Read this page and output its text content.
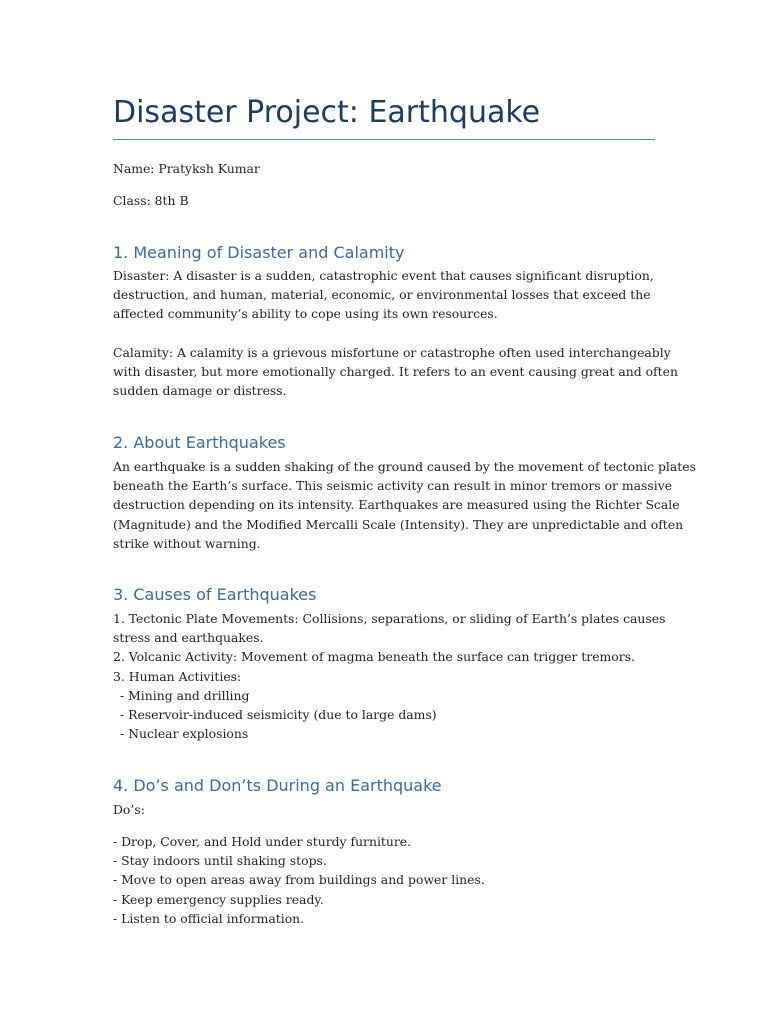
Disaster Project: Earthquake

Name: Pratyksh Kumar

Class: 8th B

1. Meaning of Disaster and Calamity
Disaster: A disaster is a sudden, catastrophic event that causes significant disruption,
destruction, and human, material, economic, or environmental losses that exceed the
affected community’s ability to cope using its own resources.
Calamity: A calamity is a grievous misfortune or catastrophe often used interchangeably
with disaster, but more emotionally charged. It refers to an event causing great and often
sudden damage or distress.
2. About Earthquakes
An earthquake is a sudden shaking of the ground caused by the movement of tectonic plates
beneath the Earth’s surface. This seismic activity can result in minor tremors or massive
destruction depending on its intensity. Earthquakes are measured using the Richter Scale
(Magnitude) and the Modified Mercalli Scale (Intensity). They are unpredictable and often
strike without warning.
3. Causes of Earthquakes
1. Tectonic Plate Movements: Collisions, separations, or sliding of Earth’s plates causes
stress and earthquakes.
2. Volcanic Activity: Movement of magma beneath the surface can trigger tremors.
3. Human Activities:
- Mining and drilling
- Reservoir-induced seismicity (due to large dams)
- Nuclear explosions
4. Do’s and Don’ts During an Earthquake

Do’s:

- Drop, Cover, and Hold under sturdy furniture.
- Stay indoors until shaking stops.
- Move to open areas away from buildings and power lines.
- Keep emergency supplies ready.
- Listen to official information.
